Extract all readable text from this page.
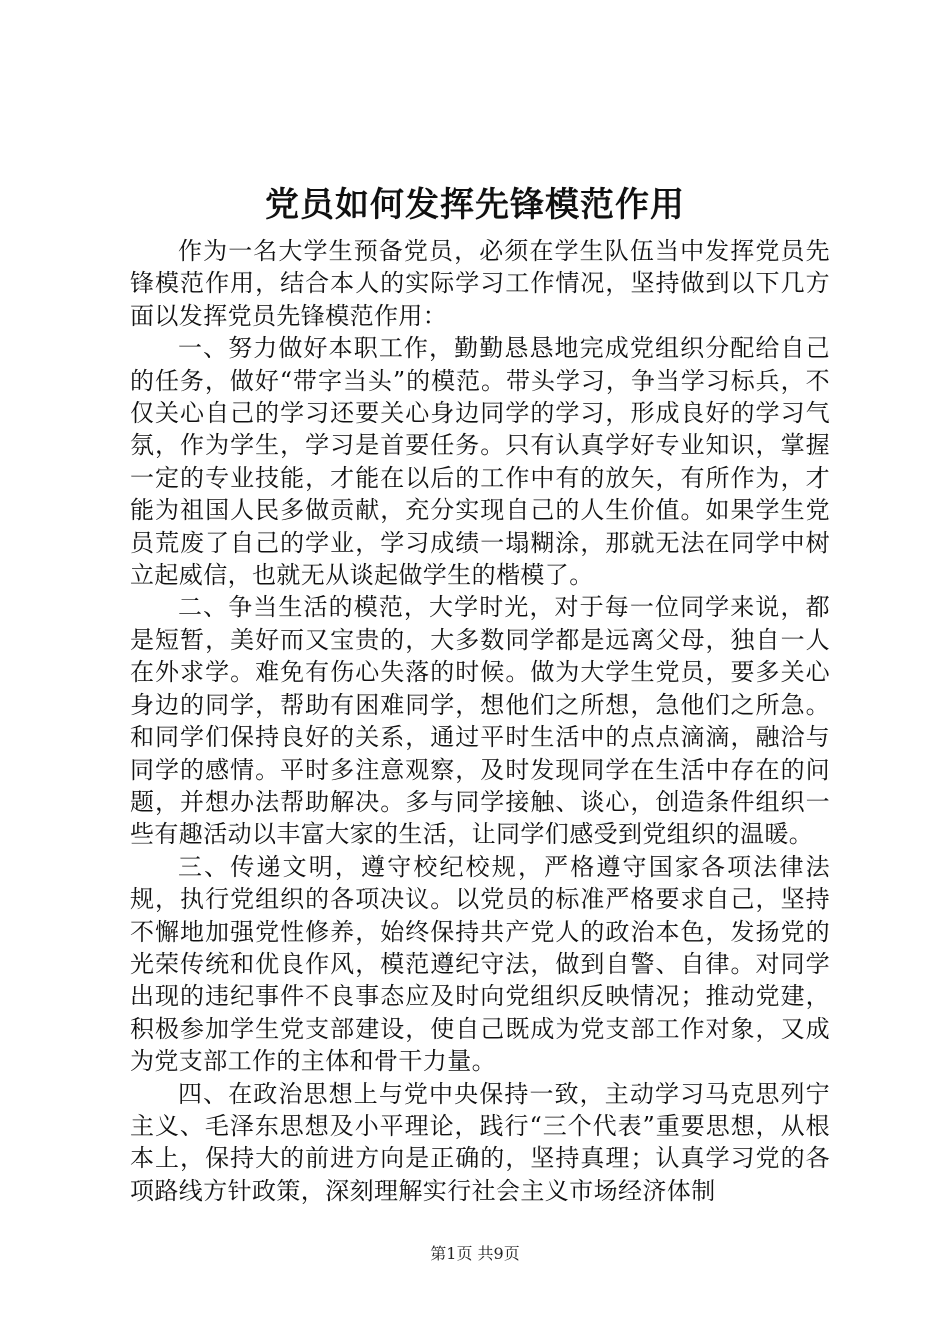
党员如何发挥先锋模范作用

作为一名大学生预备党员，必须在学生队伍当中发挥党员先锋模范作用，结合本人的实际学习工作情况，坚持做到以下几方面以发挥党员先锋模范作用：

一、努力做好本职工作，勤勤恳恳地完成党组织分配给自己的任务，做好“带字当头”的模范。带头学习，争当学习标兵，不仅关心自己的学习还要关心身边同学的学习，形成良好的学习气氛，作为学生，学习是首要任务。只有认真学好专业知识，掌握一定的专业技能，才能在以后的工作中有的放矢，有所作为，才能为祖国人民多做贡献，充分实现自己的人生价值。如果学生党员荒废了自己的学业，学习成绩一塌糊涂，那就无法在同学中树立起威信，也就无从谈起做学生的楷模了。

二、争当生活的模范，大学时光，对于每一位同学来说，都是短暂，美好而又宝贵的，大多数同学都是远离父母，独自一人在外求学。难免有伤心失落的时候。做为大学生党员，要多关心身边的同学，帮助有困难同学，想他们之所想，急他们之所急。和同学们保持良好的关系，通过平时生活中的点点滴滴，融洽与同学的感情。平时多注意观察，及时发现同学在生活中存在的问题，并想办法帮助解决。多与同学接触、谈心，创造条件组织一些有趣活动以丰富大家的生活，让同学们感受到党组织的温暖。

三、传递文明，遵守校纪校规，严格遵守国家各项法律法规，执行党组织的各项决议。以党员的标准严格要求自己，坚持不懈地加强党性修养，始终保持共产党人的政治本色，发扬党的光荣传统和优良作风，模范遵纪守法，做到自警、自律。对同学出现的违纪事件不良事态应及时向党组织反映情况；推动党建，积极参加学生党支部建设，使自己既成为党支部工作对象，又成为党支部工作的主体和骨干力量。

四、在政治思想上与党中央保持一致，主动学习马克思列宁主义、毛泽东思想及小平理论，践行“三个代表”重要思想，从根本上，保持大的前进方向是正确的，坚持真理；认真学习党的各项路线方针政策，深刻理解实行社会主义市场经济体制

第1页 共9页
